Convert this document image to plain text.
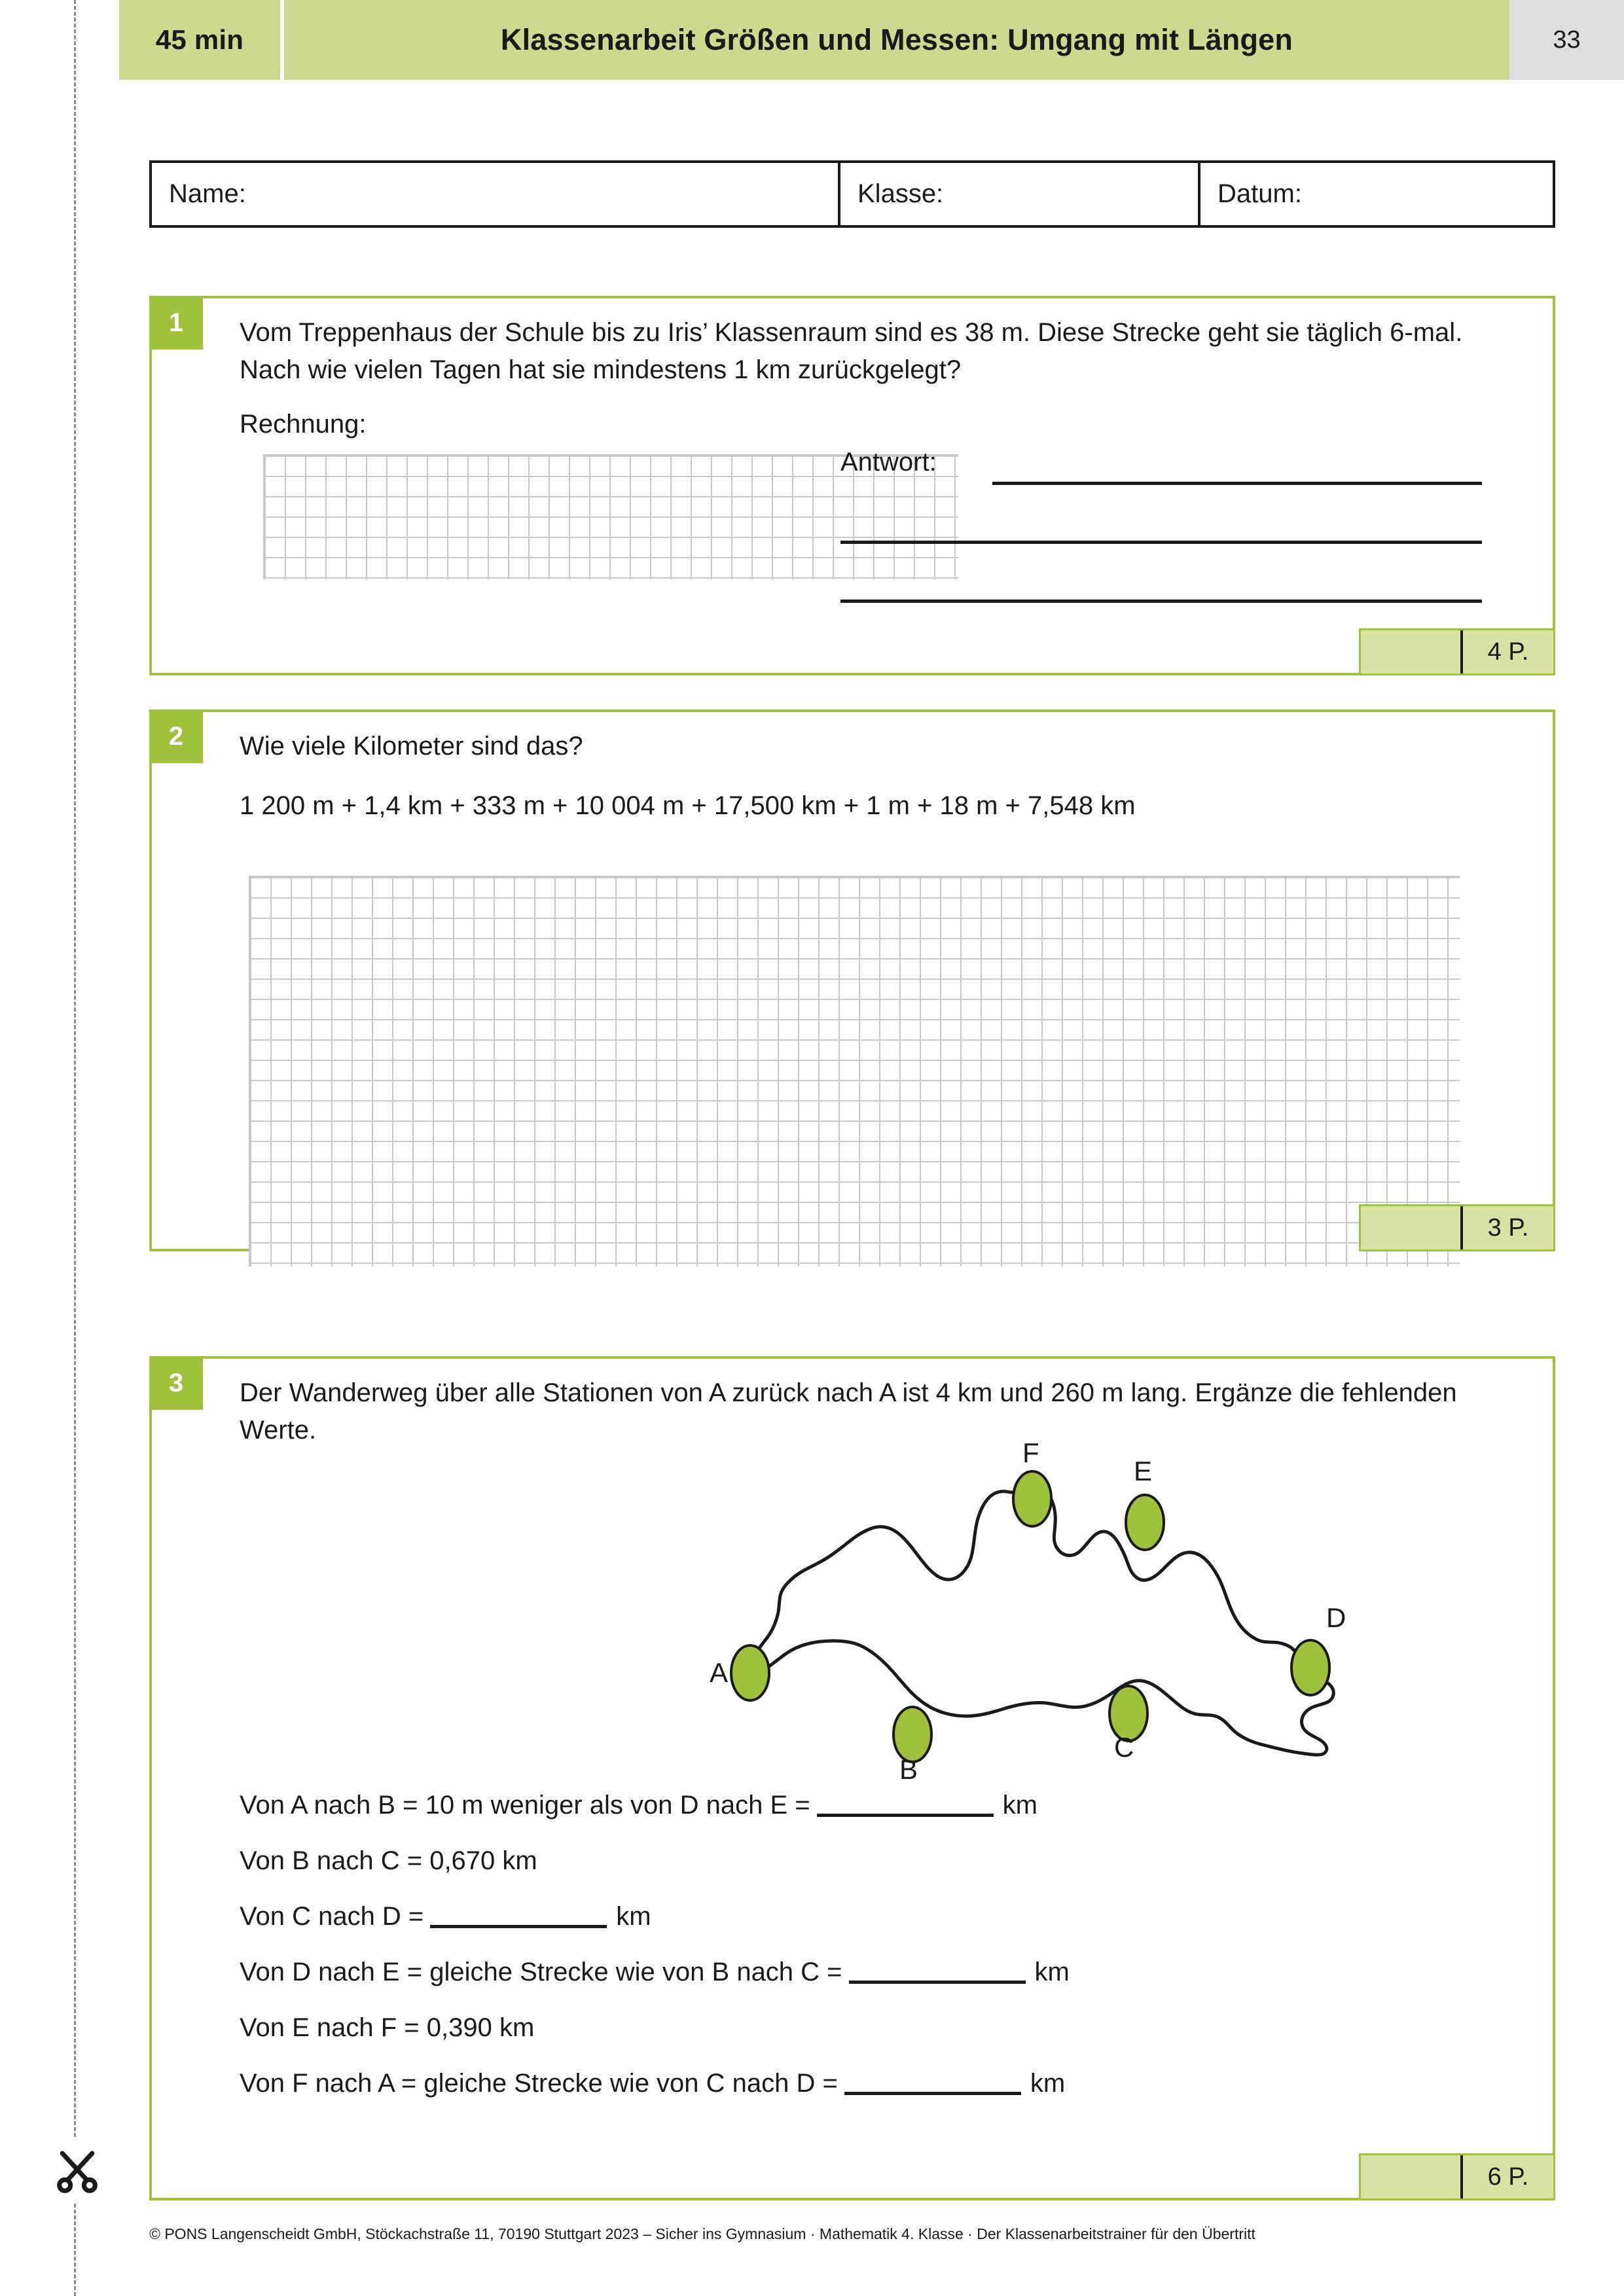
45 min	Klassenarbeit Größen und Messen: Umgang mit Längen	33
Name:	Klasse:	Datum:
1	Vom Treppenhaus der Schule bis zu Iris’ Klassenraum sind es 38 m. Diese Strecke geht sie täglich 6-mal. Nach wie vielen Tagen hat sie mindestens 1 km zurückgelegt?

Rechnung:

Antwort:
4 P.
2	Wie viele Kilometer sind das?

1 200 m + 1,4 km + 333 m + 10 004 m + 17,500 km + 1 m + 18 m + 7,548 km

3 P.
3	Der Wanderweg über alle Stationen von A zurück nach A ist 4 km und 260 m lang. Ergänze die fehlenden Werte.

A
B
C
D
E
F
Von A nach B = 10 m weniger als von D nach E =	km
Von B nach C = 0,670 km
Von C nach D =	km
Von D nach E = gleiche Strecke wie von B nach C =	km
Von E nach F = 0,390 km
Von F nach A = gleiche Strecke wie von C nach D =	km
6 P.
© PONS Langenscheidt GmbH, Stöckachstraße 11, 70190 Stuttgart 2023 – Sicher ins Gymnasium · Mathematik 4. Klasse · Der Klassenarbeitstrainer für den Übertritt
